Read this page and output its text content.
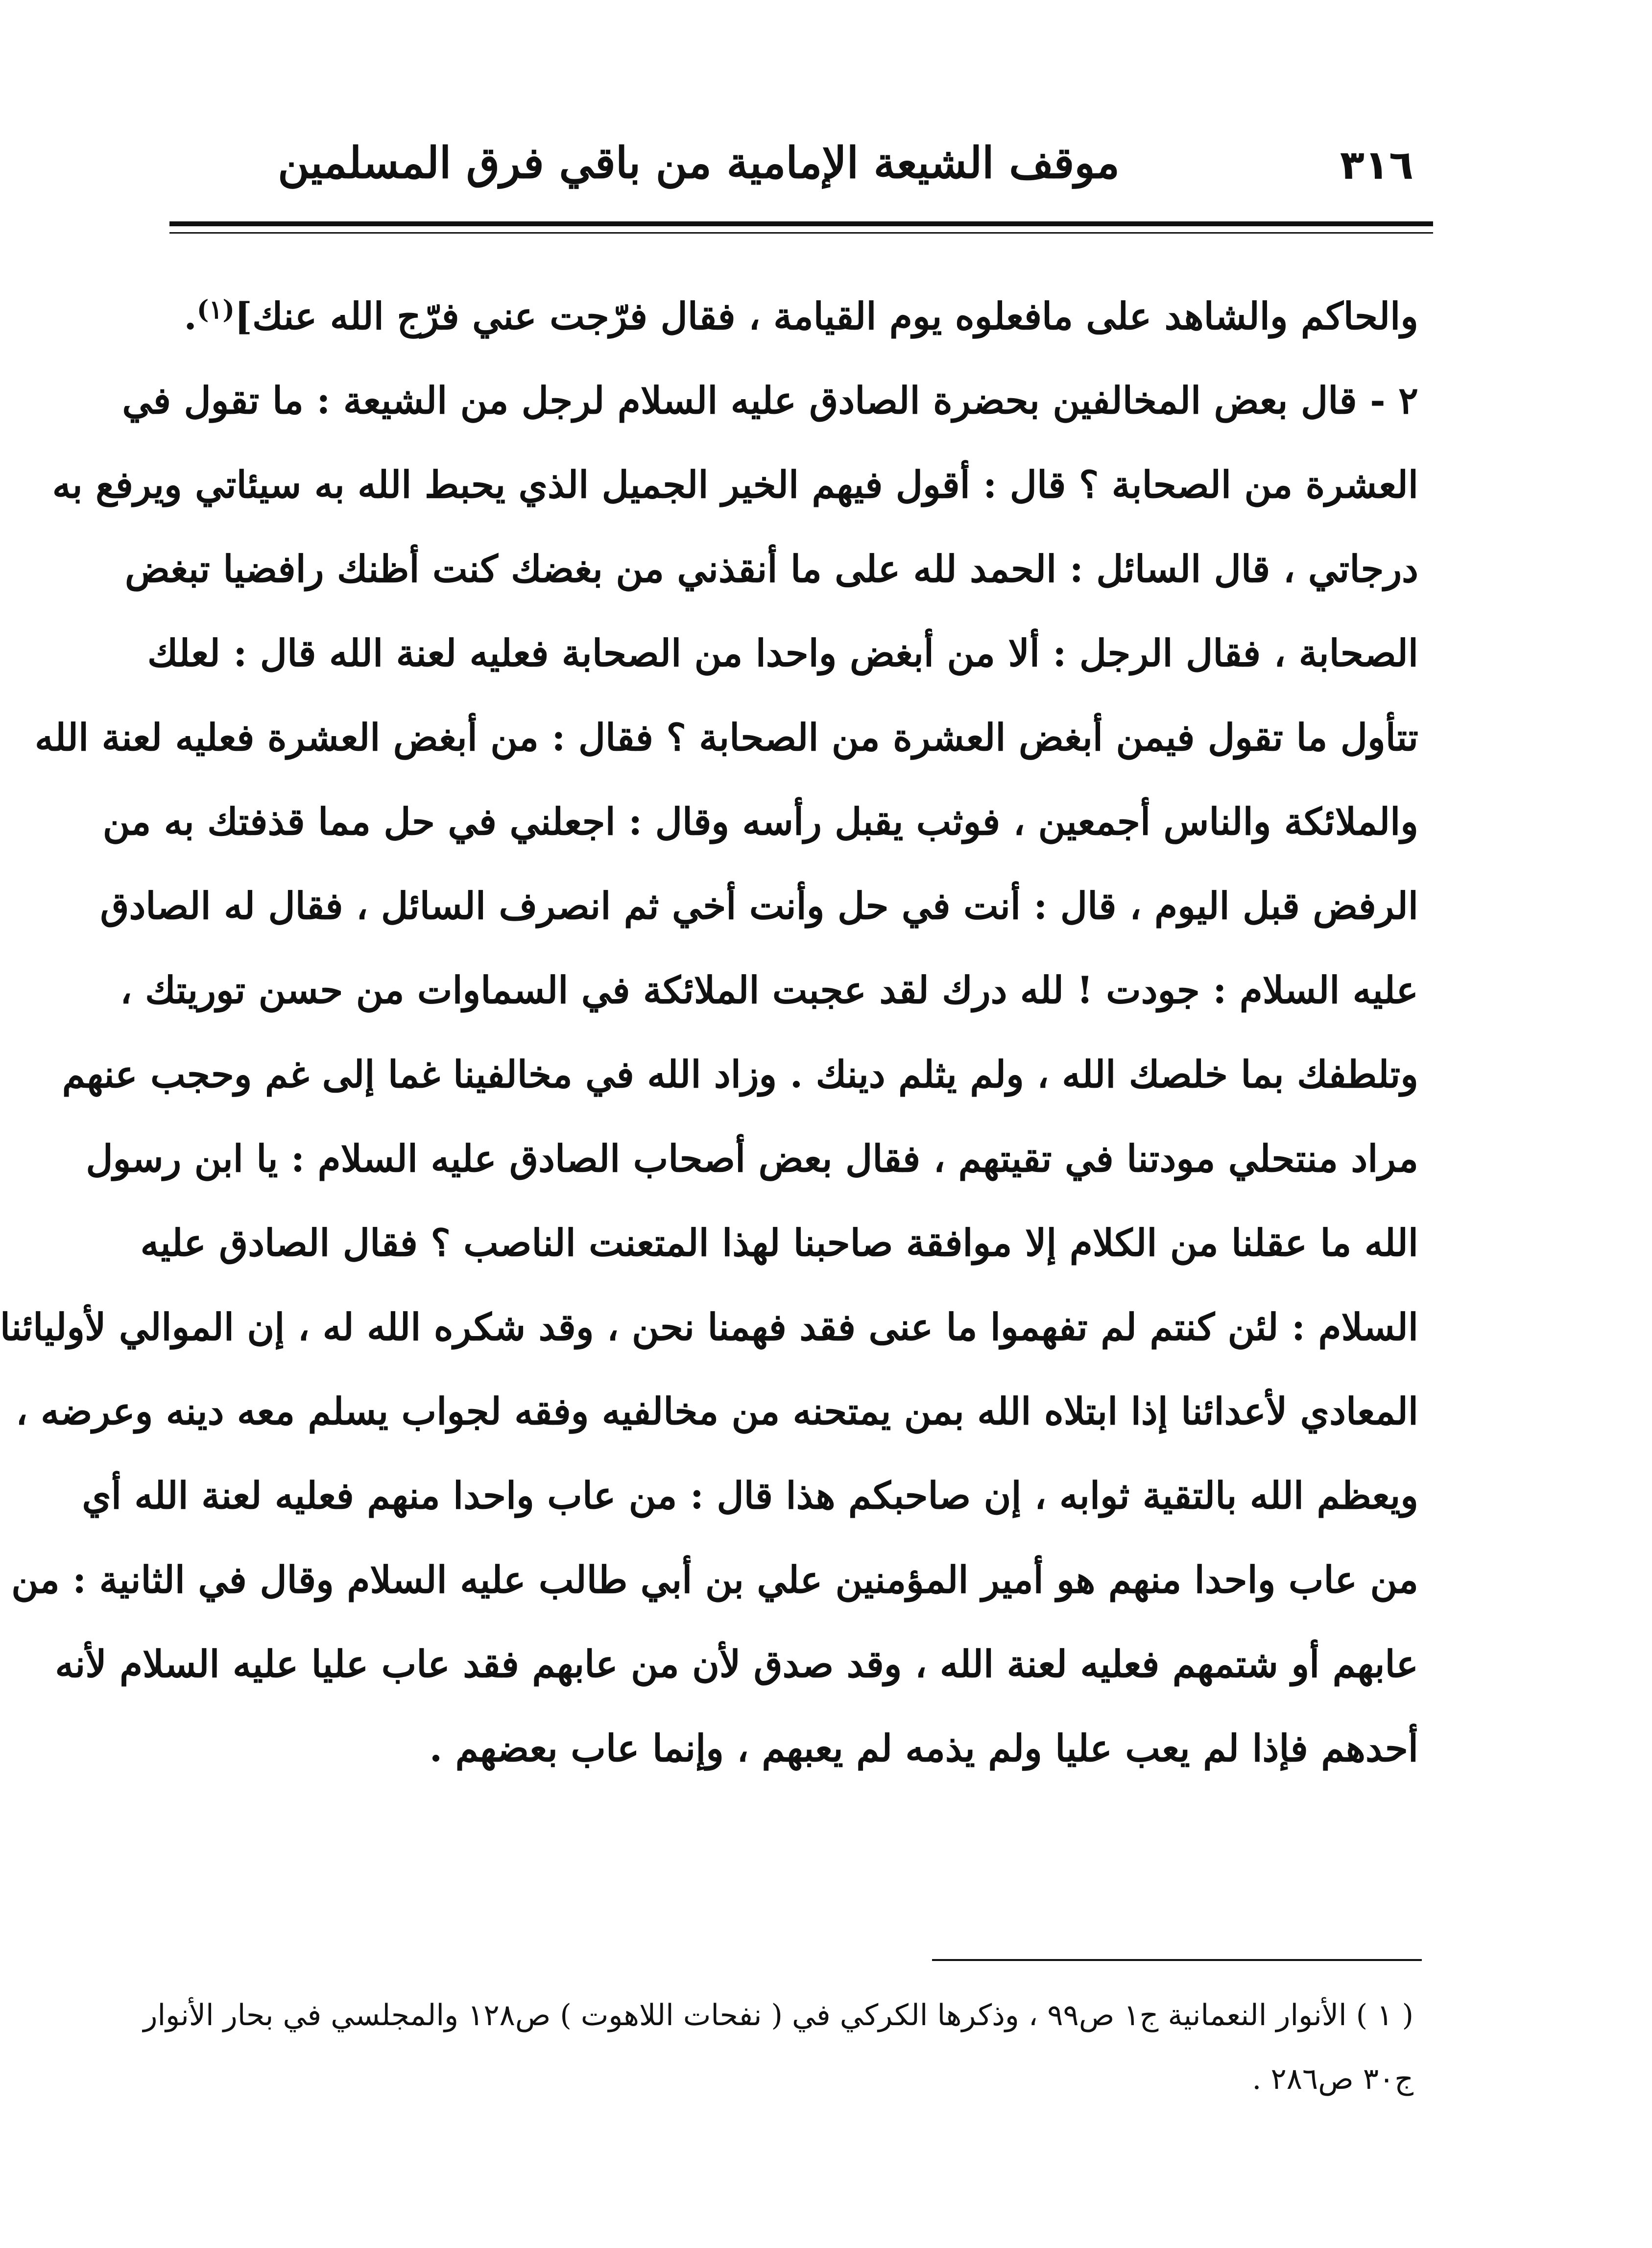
٣١٦
موقف الشيعة الإمامية من باقي فرق المسلمين
والحاكم والشاهد على مافعلوه يوم القيامة ، فقال فرّجت عني فرّج الله عنك]$^{(١)}$.
٢ - قال بعض المخالفين بحضرة الصادق عليه السلام لرجل من الشيعة : ما تقول في
العشرة من الصحابة ؟ قال : أقول فيهم الخير الجميل الذي يحبط الله به سيئاتي ويرفع به
درجاتي ، قال السائل : الحمد لله على ما أنقذني من بغضك كنت أظنك رافضيا تبغض
الصحابة ، فقال الرجل : ألا من أبغض واحدا من الصحابة فعليه لعنة الله قال : لعلك
تتأول ما تقول فيمن أبغض العشرة من الصحابة ؟ فقال : من أبغض العشرة فعليه لعنة الله
والملائكة والناس أجمعين ، فوثب يقبل رأسه وقال : اجعلني في حل مما قذفتك به من
الرفض قبل اليوم ، قال : أنت في حل وأنت أخي ثم انصرف السائل ، فقال له الصادق
عليه السلام : جودت ! لله درك لقد عجبت الملائكة في السماوات من حسن توريتك ،
وتلطفك بما خلصك الله ، ولم يثلم دينك . وزاد الله في مخالفينا غما إلى غم وحجب عنهم
مراد منتحلي مودتنا في تقيتهم ، فقال بعض أصحاب الصادق عليه السلام : يا ابن رسول
الله ما عقلنا من الكلام إلا موافقة صاحبنا لهذا المتعنت الناصب ؟ فقال الصادق عليه
السلام : لئن كنتم لم تفهموا ما عنى فقد فهمنا نحن ، وقد شكره الله له ، إن الموالي لأوليائنا
المعادي لأعدائنا إذا ابتلاه الله بمن يمتحنه من مخالفيه وفقه لجواب يسلم معه دينه وعرضه ،
ويعظم الله بالتقية ثوابه ، إن صاحبكم هذا قال : من عاب واحدا منهم فعليه لعنة الله أي
من عاب واحدا منهم هو أمير المؤمنين علي بن أبي طالب عليه السلام وقال في الثانية : من
عابهم أو شتمهم فعليه لعنة الله ، وقد صدق لأن من عابهم فقد عاب عليا عليه السلام لأنه
أحدهم فإذا لم يعب عليا ولم يذمه لم يعبهم ، وإنما عاب بعضهم .
( ١ ) الأنوار النعمانية ج١ ص٩٩ ، وذكرها الكركي في ( نفحات اللاهوت ) ص١٢٨ والمجلسي في بحار الأنوار
ج٣٠ ص٢٨٦ .
